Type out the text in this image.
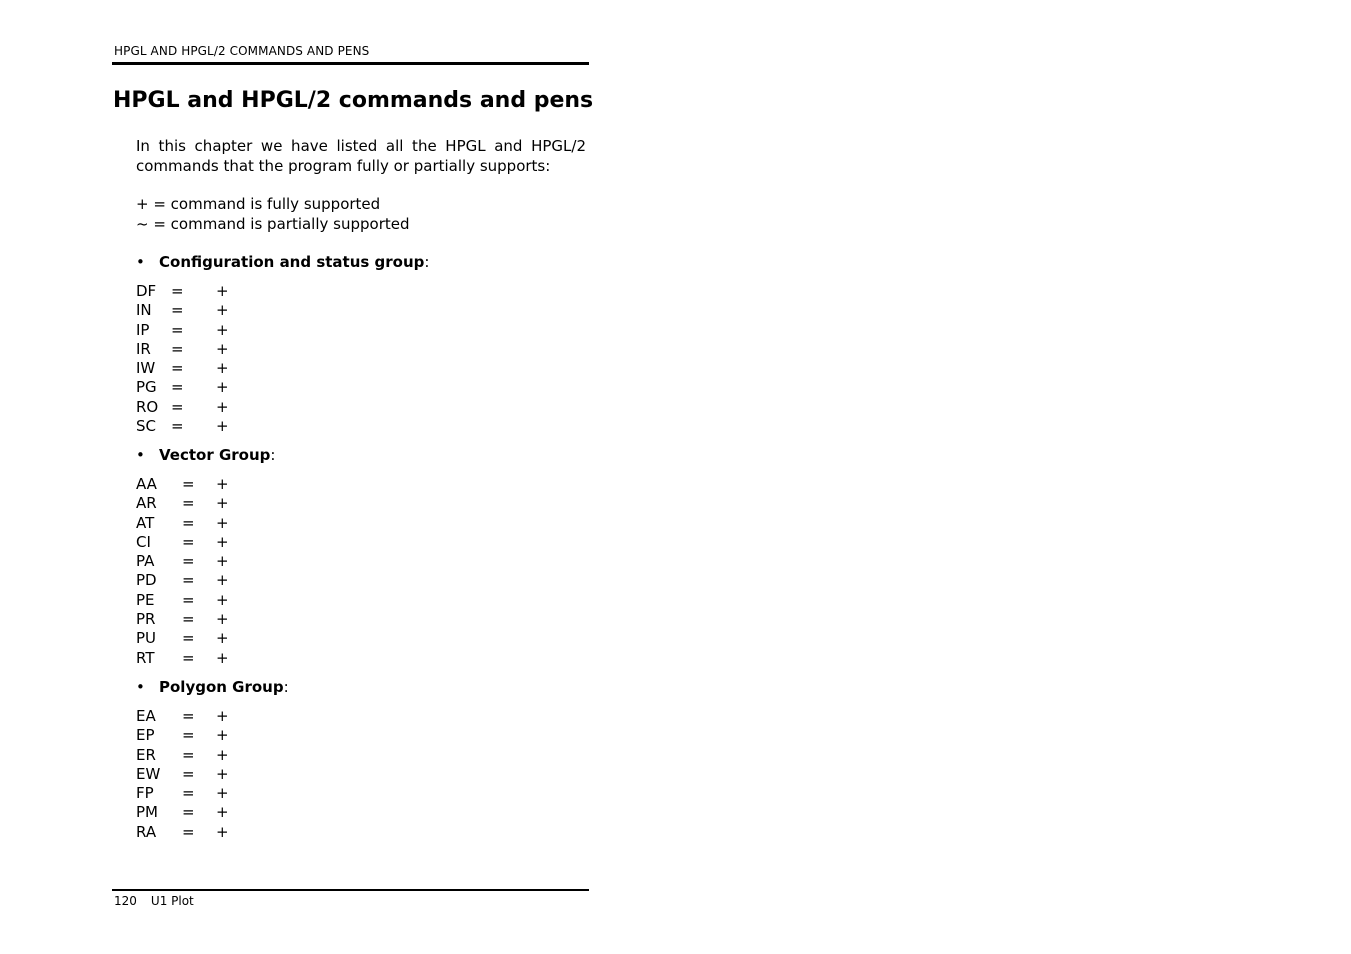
HPGL AND HPGL/2 COMMANDS AND PENS
HPGL and HPGL/2 commands and pens

In this chapter we have listed all the HPGL and HPGL/2 commands that the program fully or partially supports:

+ = command is fully supported
~ = command is partially supported
• Configuration and status group:
DF = +
IN = +
IP = +
IR = +
IW = +
PG = +
RO = +
SC = +
• Vector Group:
AA = +
AR = +
AT = +
CI = +
PA = +
PD = +
PE = +
PR = +
PU = +
RT = +
• Polygon Group:
EA = +
EP = +
ER = +
EW = +
FP = +
PM = +
RA = +
120 U1 Plot
